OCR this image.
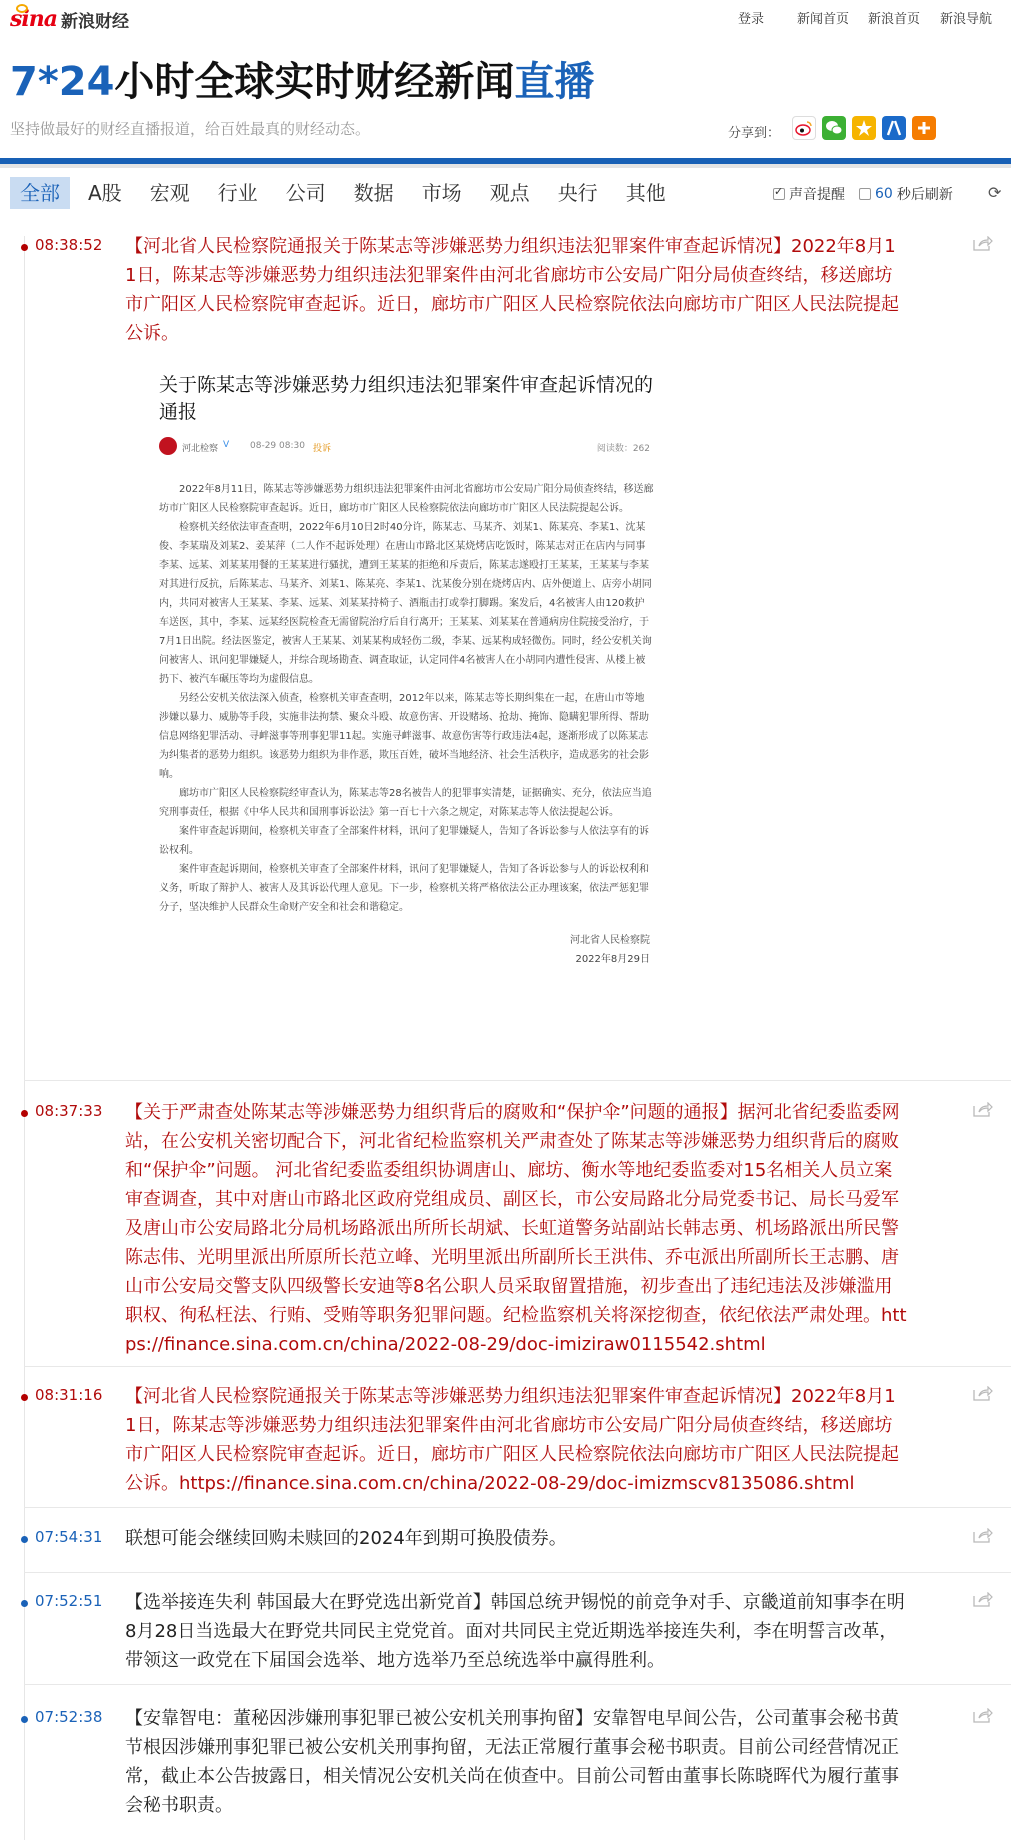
sina 新浪财经	登录	新闻首页 新浪首页 新浪导航
7*24小时全球实时财经新闻直播
坚持做最好的财经直播报道，给百姓最真的财经动态。	分享到：
全部	A股	宏观	行业	公司	数据	市场	观点	央行	其他
✓	声音提醒 60 秒后刷新 ⟳
08:38:52 【河北省人民检察院通报关于陈某志等涉嫌恶势力组织违法犯罪案件审查起诉情况】2022年8月11日，陈某志等涉嫌恶势力组织违法犯罪案件由河北省廊坊市公安局广阳分局侦查终结，移送廊坊市广阳区人民检察院审查起诉。近日，廊坊市广阳区人民检察院依法向廊坊市广阳区人民法院提起公诉。
关于陈某志等涉嫌恶势力组织违法犯罪案件审查起诉情况的通报
河北检察 V 08-29 08:30 投诉	阅读数：262

2022年8月11日，陈某志等涉嫌恶势力组织违法犯罪案件由河北省廊坊市公安局广阳分局侦查终结，移送廊坊市广阳区人民检察院审查起诉。近日，廊坊市广阳区人民检察院依法向廊坊市广阳区人民法院提起公诉。

检察机关经依法审查查明，2022年6月10日2时40分许，陈某志、马某齐、刘某1、陈某亮、李某1、沈某俊、李某瑞及刘某2、姜某萍（二人作不起诉处理）在唐山市路北区某烧烤店吃饭时，陈某志对正在店内与同事李某、远某、刘某某用餐的王某某进行骚扰，遭到王某某的拒绝和斥责后，陈某志遂殴打王某某，王某某与李某对其进行反抗，后陈某志、马某齐、刘某1、陈某亮、李某1、沈某俊分别在烧烤店内、店外便道上、店旁小胡同内，共同对被害人王某某、李某、远某、刘某某持椅子、酒瓶击打或拳打脚踢。案发后，4名被害人由120救护车送医，其中，李某、远某经医院检查无需留院治疗后自行离开；王某某、刘某某在普通病房住院接受治疗，于7月1日出院。经法医鉴定，被害人王某某、刘某某构成轻伤二级，李某、远某构成轻微伤。同时，经公安机关询问被害人、讯问犯罪嫌疑人，并综合现场勘查、调查取证，认定同伴4名被害人在小胡同内遭性侵害、从楼上被扔下、被汽车碾压等均为虚假信息。

另经公安机关依法深入侦查，检察机关审查查明，2012年以来，陈某志等长期纠集在一起，在唐山市等地涉嫌以暴力、威胁等手段，实施非法拘禁、聚众斗殴、故意伤害、开设赌场、抢劫、掩饰、隐瞒犯罪所得、帮助信息网络犯罪活动、寻衅滋事等刑事犯罪11起。实施寻衅滋事、故意伤害等行政违法4起，逐渐形成了以陈某志为纠集者的恶势力组织。该恶势力组织为非作恶，欺压百姓，破坏当地经济、社会生活秩序，造成恶劣的社会影响。

廊坊市广阳区人民检察院经审查认为，陈某志等28名被告人的犯罪事实清楚，证据确实、充分，依法应当追究刑事责任，根据《中华人民共和国刑事诉讼法》第一百七十六条之规定，对陈某志等人依法提起公诉。

案件审查起诉期间，检察机关审查了全部案件材料，讯问了犯罪嫌疑人，告知了各诉讼参与人依法享有的诉讼权利。

案件审查起诉期间，检察机关审查了全部案件材料，讯问了犯罪嫌疑人，告知了各诉讼参与人的诉讼权利和义务，听取了辩护人、被害人及其诉讼代理人意见。下一步，检察机关将严格依法公正办理该案，依法严惩犯罪分子，坚决维护人民群众生命财产安全和社会和谐稳定。

河北省人民检察院
2022年8月29日
08:37:33 【关于严肃查处陈某志等涉嫌恶势力组织背后的腐败和“保护伞”问题的通报】据河北省纪委监委网站，在公安机关密切配合下，河北省纪检监察机关严肃查处了陈某志等涉嫌恶势力组织背后的腐败和“保护伞”问题。 河北省纪委监委组织协调唐山、廊坊、衡水等地纪委监委对15名相关人员立案审查调查，其中对唐山市路北区政府党组成员、副区长，市公安局路北分局党委书记、局长马爱军及唐山市公安局路北分局机场路派出所所长胡斌、长虹道警务站副站长韩志勇、机场路派出所民警陈志伟、光明里派出所原所长范立峰、光明里派出所副所长王洪伟、乔屯派出所副所长王志鹏、唐山市公安局交警支队四级警长安迪等8名公职人员采取留置措施，初步查出了违纪违法及涉嫌滥用职权、徇私枉法、行贿、受贿等职务犯罪问题。纪检监察机关将深挖彻查，依纪依法严肃处理。https://finance.sina.com.cn/china/2022-08-29/doc-imiziraw0115542.shtml
08:31:16 【河北省人民检察院通报关于陈某志等涉嫌恶势力组织违法犯罪案件审查起诉情况】2022年8月11日，陈某志等涉嫌恶势力组织违法犯罪案件由河北省廊坊市公安局广阳分局侦查终结，移送廊坊市广阳区人民检察院审查起诉。近日，廊坊市广阳区人民检察院依法向廊坊市广阳区人民法院提起公诉。https://finance.sina.com.cn/china/2022-08-29/doc-imizmscv8135086.shtml
07:54:31 联想可能会继续回购未赎回的2024年到期可换股债券。
07:52:51 【选举接连失利 韩国最大在野党选出新党首】韩国总统尹锡悦的前竞争对手、京畿道前知事李在明8月28日当选最大在野党共同民主党党首。面对共同民主党近期选举接连失利，李在明誓言改革，带领这一政党在下届国会选举、地方选举乃至总统选举中赢得胜利。
07:52:38 【安靠智电：董秘因涉嫌刑事犯罪已被公安机关刑事拘留】安靠智电早间公告，公司董事会秘书黄节根因涉嫌刑事犯罪已被公安机关刑事拘留，无法正常履行董事会秘书职责。目前公司经营情况正常，截止本公告披露日，相关情况公安机关尚在侦查中。目前公司暂由董事长陈晓晖代为履行董事会秘书职责。
